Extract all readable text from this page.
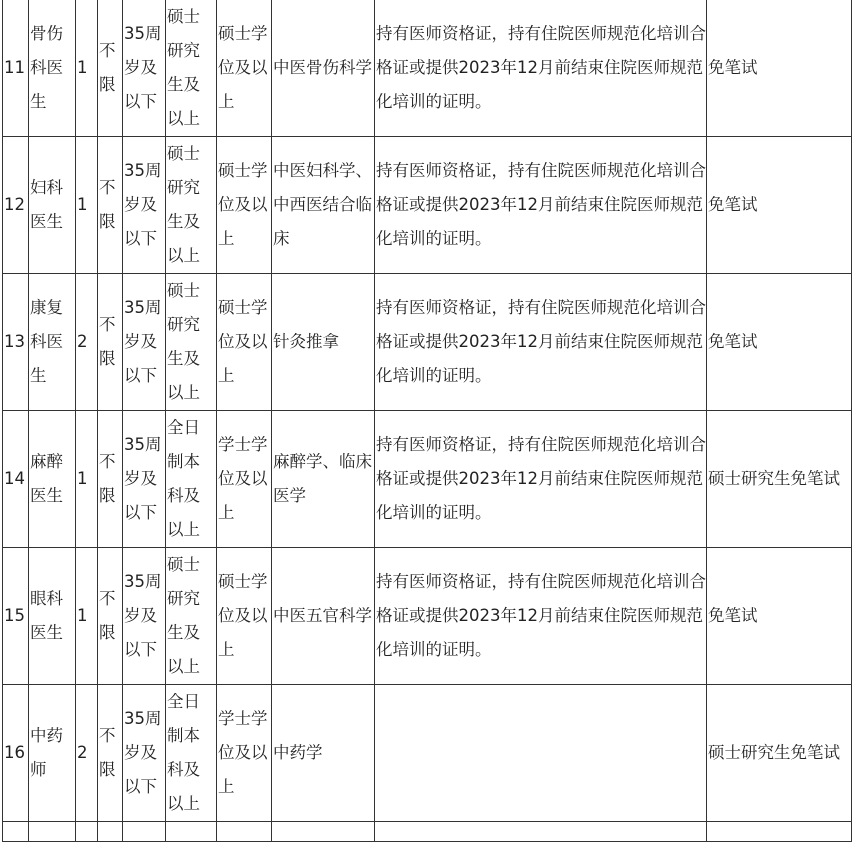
11	骨伤科医生	1	不限	35周岁及以下	硕士研究生及以上	硕士学位及以上	中医骨伤科学	持有医师资格证，持有住院医师规范化培训合格证或提供2023年12月前结束住院医师规范化培训的证明。	免笔试
12	妇科医生	1	不限	35周岁及以下	硕士研究生及以上	硕士学位及以上	中医妇科学、中西医结合临床	持有医师资格证，持有住院医师规范化培训合格证或提供2023年12月前结束住院医师规范化培训的证明。	免笔试
13	康复科医生	2	不限	35周岁及以下	硕士研究生及以上	硕士学位及以上	针灸推拿	持有医师资格证，持有住院医师规范化培训合格证或提供2023年12月前结束住院医师规范化培训的证明。	免笔试
14	麻醉医生	1	不限	35周岁及以下	全日制本科及以上	学士学位及以上	麻醉学、临床医学	持有医师资格证，持有住院医师规范化培训合格证或提供2023年12月前结束住院医师规范化培训的证明。	硕士研究生免笔试
15	眼科医生	1	不限	35周岁及以下	硕士研究生及以上	硕士学位及以上	中医五官科学	持有医师资格证，持有住院医师规范化培训合格证或提供2023年12月前结束住院医师规范化培训的证明。	免笔试
16	中药师	2	不限	35周岁及以下	全日制本科及以上	学士学位及以上	中药学		硕士研究生免笔试
